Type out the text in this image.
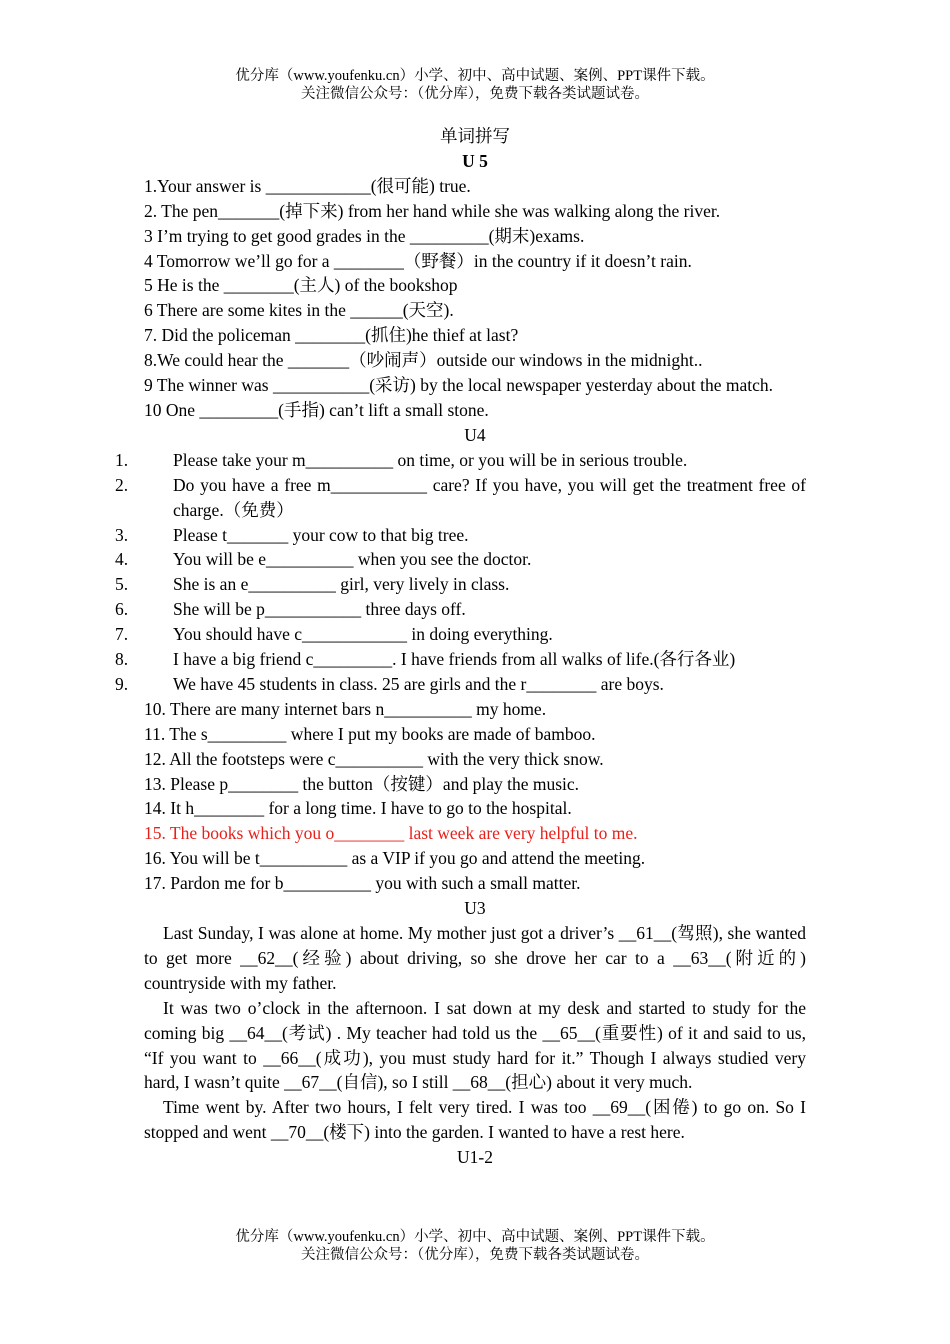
优分库（www.youfenku.cn）小学、初中、高中试题、案例、PPT课件下载。
关注微信公众号：（优分库），免费下载各类试题试卷。
单词拼写
U 5
1.Your answer is ____________(很可能) true.
2. The pen_______(掉下来) from her hand while she was walking along the river.
3 I’m trying to get good grades in the _________(期末)exams.
4 Tomorrow we’ll go for a ________（野餐）in the country if it doesn’t rain.
5 He is the ________(主人) of the bookshop
6 There are some kites in the ______(天空).
7. Did the policeman ________(抓住)he thief at last?
8.We could hear the _______（吵闹声）outside our windows in the midnight..
9 The winner was ___________(采访) by the local newspaper yesterday about the match.
10 One _________(手指) can’t lift a small stone.
U4
1.	Please take your m__________ on time, or you will be in serious trouble.
2.	Do you have a free m___________ care? If you have, you will get the treatment free of charge.（免费）
3.	Please t_______ your cow to that big tree.
4.	You will be e__________ when you see the doctor.
5.	She is an e__________ girl, very lively in class.
6.	She will be p___________ three days off.
7.	You should have c____________ in doing everything.
8.	I have a big friend c_________. I have friends from all walks of life.(各行各业)
9.	We have 45 students in class. 25 are girls and the r________ are boys.
10. There are many internet bars n__________ my home.
11. The s_________ where I put my books are made of bamboo.
12. All the footsteps were c__________ with the very thick snow.
13. Please p________ the button（按键）and play the music.
14. It h________ for a long time. I have to go to the hospital.
15. The books which you o________ last week are very helpful to me.
16. You will be t__________ as a VIP if you go and attend the meeting.
17. Pardon me for b__________ you with such a small matter.
U3
Last Sunday, I was alone at home. My mother just got a driver’s __61__(驾照), she wanted to get more __62__(经验) about driving, so she drove her car to a __63__(附近的) countryside with my father.
It was two o’clock in the afternoon. I sat down at my desk and started to study for the coming big __64__(考试) . My teacher had told us the __65__(重要性) of it and said to us, “If you want to __66__(成功), you must study hard for it.” Though I always studied very hard, I wasn’t quite __67__(自信), so I still __68__(担心) about it very much.
Time went by. After two hours, I felt very tired. I was too __69__(困倦) to go on. So I stopped and went __70__(楼下) into the garden. I wanted to have a rest here.
U1-2
优分库（www.youfenku.cn）小学、初中、高中试题、案例、PPT课件下载。
关注微信公众号：（优分库），免费下载各类试题试卷。
